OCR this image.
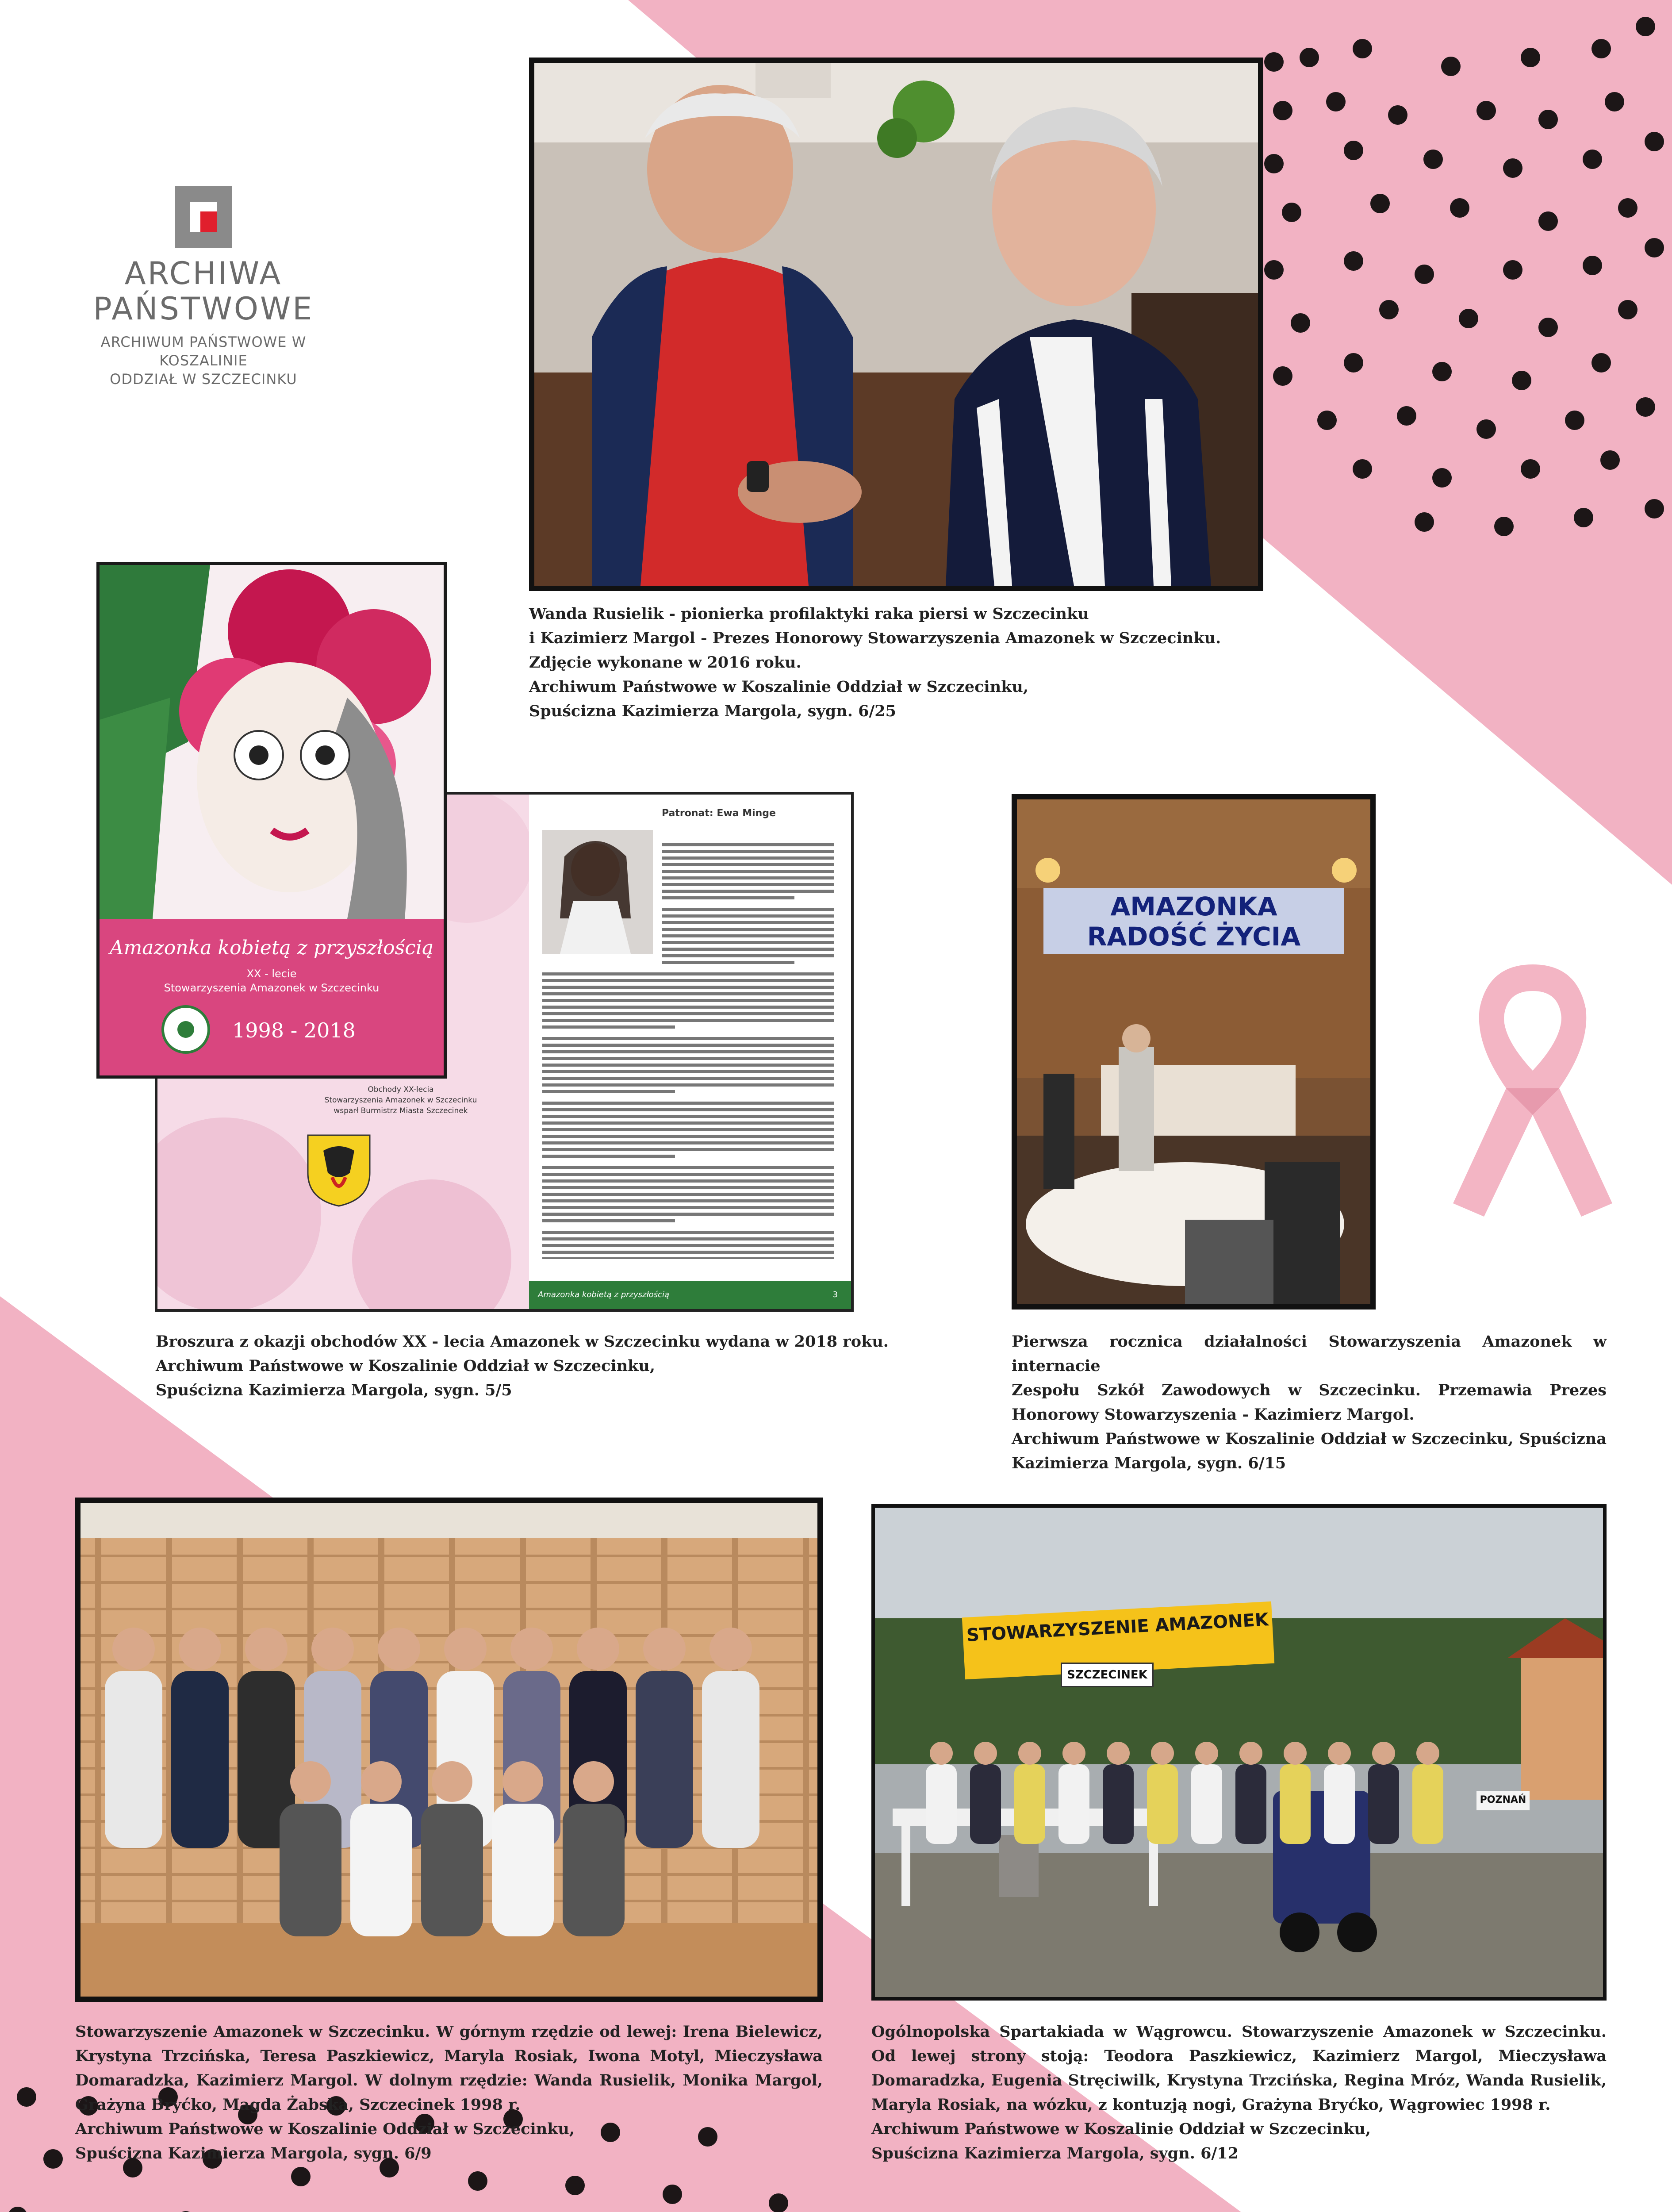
ARCHIWA
PAŃSTWOWE
ARCHIWUM PAŃSTWOWE W KOSZALINIE
ODDZIAŁ W SZCZECINKU
Wanda Rusielik - pionierka profilaktyki raka piersi w Szczecinku
i Kazimierz Margol - Prezes Honorowy Stowarzyszenia Amazonek w Szczecinku.
Zdjęcie wykonane w 2016 roku.
Archiwum Państwowe w Koszalinie Oddział w Szczecinku,
Spuścizna Kazimierza Margola, sygn. 6/25
Obchody XX-lecia
Stowarzyszenia Amazonek w Szczecinku
wsparł Burmistrz Miasta Szczecinek
Patronat: Ewa Minge
Amazonka kobietą z przyszłością	3
Amazonka kobietą z przyszłością
XX - lecie
Stowarzyszenia Amazonek w Szczecinku
1998 - 2018
Broszura z okazji obchodów XX - lecia Amazonek w Szczecinku wydana w 2018 roku.
Archiwum Państwowe w Koszalinie Oddział w Szczecinku,
Spuścizna Kazimierza Margola, sygn. 5/5
AMAZONKA
RADOŚĆ ŻYCIA
Pierwsza rocznica działalności Stowarzyszenia Amazonek w internacie
Zespołu Szkół Zawodowych w Szczecinku. Przemawia Prezes
Honorowy Stowarzyszenia - Kazimierz Margol.
Archiwum Państwowe w Koszalinie Oddział w Szczecinku, Spuścizna
Kazimierza Margola, sygn. 6/15
Stowarzyszenie Amazonek w Szczecinku. W górnym rzędzie od lewej: Irena Bielewicz,
Krystyna Trzcińska, Teresa Paszkiewicz, Maryla Rosiak, Iwona Motyl, Mieczysława
Domaradzka, Kazimierz Margol. W dolnym rzędzie: Wanda Rusielik, Monika Margol,
Grażyna Bryćko, Magda Żabska, Szczecinek 1998 r.
Archiwum Państwowe w Koszalinie Oddział w Szczecinku,
Spuścizna Kazimierza Margola, sygn. 6/9
STOWARZYSZENIE AMAZONEK
SZCZECINEK
POZNAŃ
Ogólnopolska Spartakiada w Wągrowcu. Stowarzyszenie Amazonek w Szczecinku.
Od lewej strony stoją: Teodora Paszkiewicz, Kazimierz Margol, Mieczysława
Domaradzka, Eugenia Stręciwilk, Krystyna Trzcińska, Regina Mróz, Wanda Rusielik,
Maryla Rosiak, na wózku, z kontuzją nogi, Grażyna Bryćko, Wągrowiec 1998 r.
Archiwum Państwowe w Koszalinie Oddział w Szczecinku,
Spuścizna Kazimierza Margola, sygn. 6/12
